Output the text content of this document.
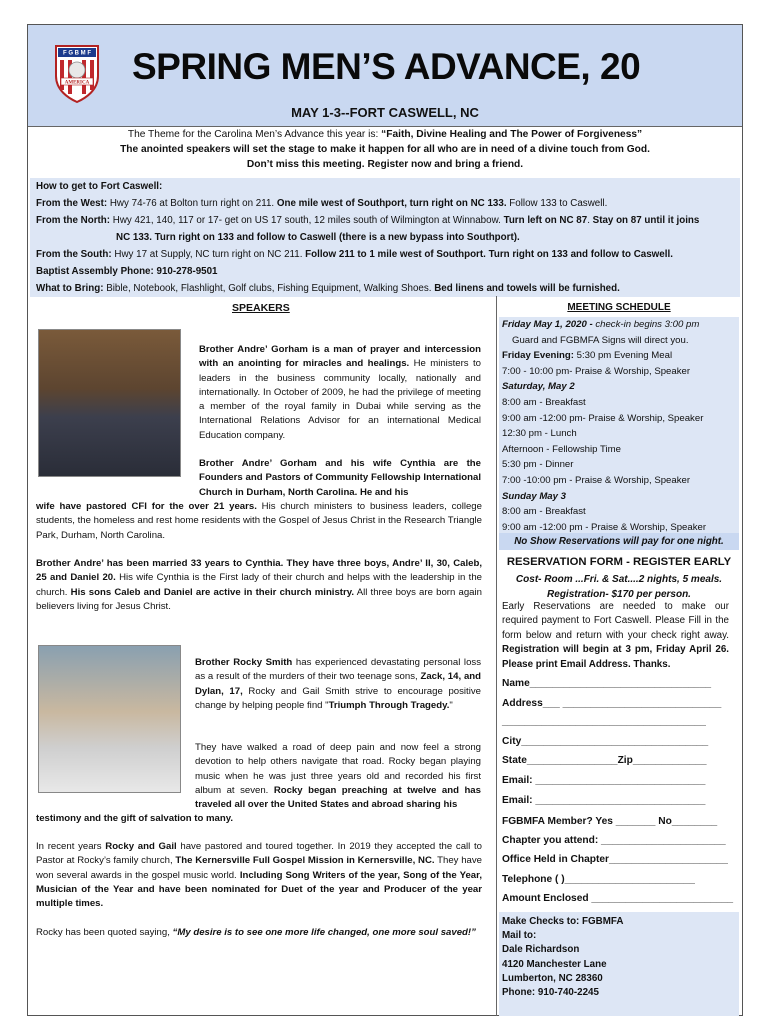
F G B M F
AMERICA SPRING MEN’S ADVANCE, 20
MAY 1-3--FORT CASWELL, NC
The Theme for the Carolina Men’s Advance this year is: “Faith, Divine Healing and The Power of Forgiveness”
The anointed speakers will set the stage to make it happen for all who are in need of a divine touch from God.
Don’t miss this meeting. Register now and bring a friend.
How to get to Fort Caswell:
From the West: Hwy 74-76 at Bolton turn right on 211. One mile west of Southport, turn right on NC 133. Follow 133 to Caswell.
From the North: Hwy 421, 140, 117 or 17- get on US 17 south, 12 miles south of Wilmington at Winnabow. Turn left on NC 87. Stay on 87 until it joins
NC 133. Turn right on 133 and follow to Caswell (there is a new bypass into Southport).
From the South: Hwy 17 at Supply, NC turn right on NC 211. Follow 211 to 1 mile west of Southport. Turn right on 133 and follow to Caswell.
Baptist Assembly Phone: 910-278-9501
What to Bring: Bible, Notebook, Flashlight, Golf clubs, Fishing Equipment, Walking Shoes. Bed linens and towels will be furnished.
SPEAKERS
Brother Andre’ Gorham is a man of prayer and intercession with an anointing for miracles and healings. He ministers to leaders in the business community locally, nationally and internationally. In October of 2009, he had the privilege of meeting a member of the royal family in Dubai while serving as the International Relations Advisor for an international Medical Education company.
Brother Andre’ Gorham and his wife Cynthia are the Founders and Pastors of Community Fellowship International Church in Durham, North Carolina. He and his
wife have pastored CFI for the over 21 years. His church ministers to business leaders, college students, the homeless and rest home residents with the Gospel of Jesus Christ in the Research Triangle Park, Durham, North Carolina.
Brother Andre’ has been married 33 years to Cynthia. They have three boys, Andre’ II, 30, Caleb, 25 and Daniel 20. His wife Cynthia is the First lady of their church and helps with the leadership in the church. His sons Caleb and Daniel are active in their church ministry. All three boys are born again believers living for Jesus Christ.
Brother Rocky Smith has experienced devastating personal loss as a result of the murders of their two teenage sons, Zack, 14, and Dylan, 17, Rocky and Gail Smith strive to encourage positive change by helping people find "Triumph Through Tragedy."
They have walked a road of deep pain and now feel a strong devotion to help others navigate that road. Rocky began playing music when he was just three years old and recorded his first album at seven. Rocky began preaching at twelve and has traveled all over the United States and abroad sharing his
testimony and the gift of salvation to many.
In recent years Rocky and Gail have pastored and toured together. In 2019 they accepted the call to Pastor at Rocky’s family church, The Kernersville Full Gospel Mission in Kernersville, NC. They have won several awards in the gospel music world. Including Song Writers of the year, Song of the Year, Musician of the Year and have been nominated for Duet of the year and Producer of the year multiple times.
Rocky has been quoted saying, “My desire is to see one more life changed, one more soul saved!”
MEETING SCHEDULE
Friday May 1, 2020 - check-in begins 3:00 pm
Guard and FGBMFA Signs will direct you.
Friday Evening: 5:30 pm Evening Meal
7:00 - 10:00 pm- Praise & Worship, Speaker
Saturday, May 2
8:00 am - Breakfast
9:00 am -12:00 pm- Praise & Worship, Speaker
12:30 pm - Lunch
Afternoon - Fellowship Time
5:30 pm - Dinner
7:00 -10:00 pm - Praise & Worship, Speaker
Sunday May 3
8:00 am - Breakfast
9:00 am -12:00 pm - Praise & Worship, Speaker
No Show Reservations will pay for one night.
RESERVATION FORM - REGISTER EARLY
Cost- Room ...Fri. & Sat....2 nights, 5 meals.
Registration- $170 per person.
Early Reservations are needed to make our required payment to Fort Caswell. Please Fill in the form below and return with your check right away. Registration will begin at 3 pm, Friday April 26. Please print Email Address. Thanks.
Name________________________________
Address___ ____________________________
____________________________________
City_________________________________
State________________Zip_____________
Email: ______________________________
Email: ______________________________
FGBMFA Member? Yes _______ No________
Chapter you attend: ______________________
Office Held in Chapter_____________________
Telephone ( )_______________________
Amount Enclosed _________________________
Make Checks to: FGBMFA
Mail to:
Dale Richardson
4120 Manchester Lane
Lumberton, NC 28360
Phone: 910-740-2245
